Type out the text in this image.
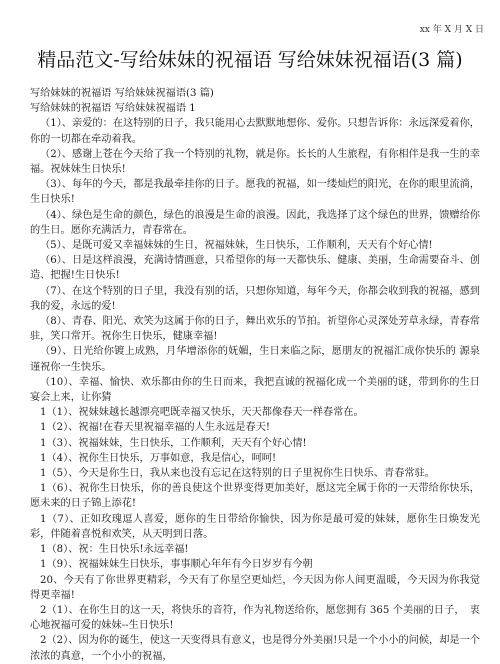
xx 年 X 月 X 日
精品范文-写给妹妹的祝福语 写给妹妹祝福语(3 篇)

写给妹妹的祝福语 写给妹妹祝福语(3 篇)

写给妹妹的祝福语 写给妹妹祝福语 1

（1）、亲爱的：在这特别的日子，我只能用心去默默地想你、爱你。只想告诉你：永远深爱着你，你的一切都在牵动着我。

（2）、感谢上苍在今天给了我一个特别的礼物，就是你。长长的人生旅程，有你相伴是我一生的幸福。祝妹妹生日快乐!

（3）、每年的今天，都是我最牵挂你的日子。愿我的祝福，如一缕灿烂的阳光，在你的眼里流淌，生日快乐!

（4）、绿色是生命的颜色，绿色的浪漫是生命的浪漫。因此，我选择了这个绿色的世界，馈赠给你的生日。愿你充满活力，青春常在。

（5）、是既可爱又幸福妹妹的生日，祝福妹妹，生日快乐，工作顺利，天天有个好心情!

（6）、日是这样浪漫，充满诗情画意，只希望你的每一天都快乐、健康、美丽，生命需要奋斗、创造、把握!生日快乐!

（7）、在这个特别的日子里，我没有别的话，只想你知道，每年今天，你都会收到我的祝福，感到我的爱，永远的爱!

（8）、青春、阳光、欢笑为这属于你的日子，舞出欢乐的节拍。祈望你心灵深处芳草永绿，青春常驻，笑口常开。祝你生日快乐，健康幸福!

（9）、日光给你镀上成熟，月华增添你的妩媚，生日来临之际，愿朋友的祝福汇成你快乐的 源泉谨祝你一生快乐。

（10）、幸福、愉快、欢乐都由你的生日而来，我把直诚的祝福化成一个美丽的谜，带到你的生日宴会上来，让你猜

1（1）、祝妹妹越长越漂亮吧既幸福又快乐，天天都像春天一样春常在。

1（2）、祝福!在春天里祝福幸福的人生永远是春天!

1（3）、祝福妹妹，生日快乐，工作顺利，天天有个好心情!

1（4）、祝你生日快乐，万事如意，我是信心，呵呵!

1（5）、今天是你生日，我从来也没有忘记在这特别的日子里祝你生日快乐、青春常驻。

1（6）、祝你生日快乐，你的善良使这个世界变得更加美好，愿这完全属于你的一天带给你快乐，愿未来的日子锦上添花!

1（7）、正如玫瑰逗人喜爱，愿你的生日带给你愉快，因为你是最可爱的妹妹，愿你生日焕发光彩，伴随着喜悦和欢笑，从天明到日落。

1（8）、祝：生日快乐!永远幸福!

1（9）、祝福妹妹生日快乐，事事顺心年年有今日岁岁有今朝

20、今天有了你世界更精彩，今天有了你星空更灿烂，今天因为你人间更温暖，今天因为你我觉得更幸福!

2（1）、在你生日的这一天，将快乐的音符，作为礼物送给你，愿您拥有 365 个美丽的日子，　衷心地祝福可爱的妹妹--生日快乐!

2（2）、因为你的诞生，使这一天变得具有意义，也是得分外美丽!只是一个小小的问候，却是一个浓浓的真意，一个小小的祝福，
